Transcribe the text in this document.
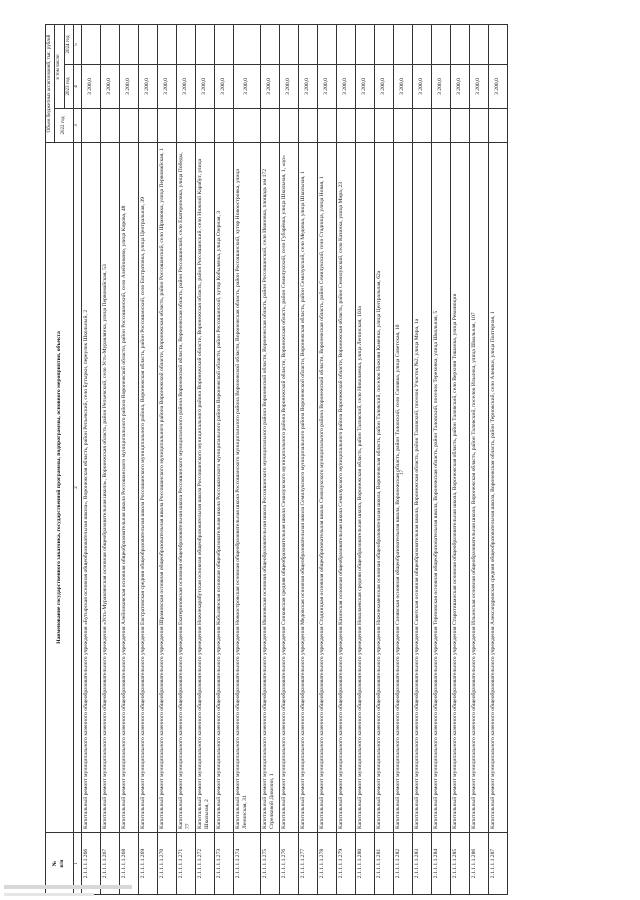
17
№
п/п	Наименование государственного заказчика, государственной программы, подпрограммы, основного мероприятия, объекта	Объем бюджетных ассигнований, тыс. рублей		
		2022 год	в том числе:	
			2023 год	2024 год
1	2	3	4	5
2.1.1.1.1.266	Капитальный ремонт муниципального казенного общеобразовательного учреждения «Бутырская основная общеобразовательная школа», Воронежская область, район Репьевский, село Бутырки, переулок Школьный, 2		3 200,0	
2.1.1.1.1.267	Капитальный ремонт муниципального казенного общеобразовательного учреждения «Усть-Муравлянская основная общеобразовательная школа», Воронежская область, район Репьевский, село Усть-Муравлянка, улица Первомайская, 53		3 200,0	
2.1.1.1.1.268	Капитальный ремонт муниципального казенного общеобразовательного учреждения Алейниковская основная общеобразовательная школа Россошанского муниципального района Воронежской области, район Россошанский, село Алейниково, улица Кирова, 48		3 200,0	
2.1.1.1.1.269	Капитальный ремонт муниципального казенного общеобразовательного учреждения Евстратовская средняя общеобразовательная школа Россошанского муниципального района, Воронежская область, район Россошанский, село Евстратовка, улица Центральная, 39		3 200,0	
2.1.1.1.1.270	Капитальный ремонт муниципального казенного общеобразовательного учреждения Шрамовская основная общеобразовательная школа Россошанского муниципального района Воронежской области, Воронежская область, район Россошанский, село Шрамовка, улица Первомайская, 1		3 200,0	
2.1.1.1.1.271	Капитальный ремонт муниципального казенного общеобразовательного учреждения Екатериновская основная общеобразовательная школа Россошанского муниципального района Воронежской области, Воронежская область, район Россошанский, село Екатериновка, улица Победы, 77		3 200,0	
2.1.1.1.1.272	Капитальный ремонт муниципального казенного общеобразовательного учреждения Нижнекарабутская основная общеобразовательная школа Россошанского муниципального района Воронежской области, Воронежская область, район Россошанский, село Нижний Карабут, улица Школьная, 2		3 200,0	
2.1.1.1.1.273	Капитальный ремонт муниципального казенного общеобразовательного учреждения Кобылянская основная общеобразовательная школа Россошанского муниципального района Воронежской области, район Россошанский, хутор Кобылянка, улица Озерная, 3		3 200,0	
2.1.1.1.1.274	Капитальный ремонт муниципального казенного общеобразовательного учреждения Новоостровская основная общеобразовательная школа Россошанского муниципального района Воронежской области, Воронежская область, район Россошанский, хутор Новоостровка, улица Ленинская, 31		3 200,0	
2.1.1.1.1.275	Капитальный ремонт муниципального казенного общеобразовательного учреждения Ивановская основная общеобразовательная школа Россошанского муниципального района Воронежской области, Воронежская область, район Россошанский, село Ивановка, площадь им 172 Стрелковой Дивизии, 1		3 200,0	
2.1.1.1.1.276	Капитальный ремонт муниципального казенного общеобразовательного учреждения Сонковская средняя общеобразовательная школа Семилукского муниципального района Воронежской области, Воронежская область, район Семилукский, село Губарёвка, улица Школьная, 1, «цо»		3 200,0	
2.1.1.1.1.277	Капитальный ремонт муниципального казенного общеобразовательного учреждения Медовская основная общеобразовательная школа Семилукского муниципального района Воронежской области, Воронежская область, район Семилукский, село Медовка, улица Школьная, 1		3 200,0	
2.1.1.1.1.278	Капитальный ремонт муниципального казенного общеобразовательного учреждения Стадницкая основная общеобразовательная школа Семилукского муниципального района Воронежской области, Воронежская область, район Семилукский, село Стадница, улица Новая, 1		3 200,0	
2.1.1.1.1.279	Капитальный ремонт муниципального казенного общеобразовательного учреждения Казинская основная общеобразовательная школа Семилукского муниципального района Воронежской области, Воронежская область, район Семилукский, село Казинка, улица Мира, 23		3 200,0	
2.1.1.1.1.280	Капитальный ремонт муниципального казенного общеобразовательного учреждения Николаевская средняя общеобразовательная школа, Воронежская область, район Таловский, село Николаевка, улица Ленинская, 103а		3 200,0	
2.1.1.1.1.281	Капитальный ремонт муниципального казенного общеобразовательного учреждения Нижнекаменская основная общеобразовательная школа, Воронежская область, район Таловский, поселок Нижняя Каменка, улица Центральная, 62а		3 200,0	
2.1.1.1.1.282	Капитальный ремонт муниципального казенного общеобразовательного учреждения Синявская основная общеобразовательная школа, Воронежская область, район Таловский, село Синявка, улица Советская, 10		3 200,0	
2.1.1.1.1.283	Капитальный ремонт муниципального казенного общеобразовательного учреждения Советская основная общеобразовательная школа, Воронежская область, район Таловский, поселок Участок №2, улица Мира, 1а		3 200,0	
2.1.1.1.1.284	Капитальный ремонт муниципального казенного общеобразовательного учреждения Тереховская основная общеобразовательная школа, Воронежская область, район Таловский, поселок Тереховка, улица Школьная, 5		3 200,0	
2.1.1.1.1.285	Капитальный ремонт муниципального казенного общеобразовательного учреждения Старотишанская основная общеобразовательная школа, Воронежская область, район Таловский, село Верхняя Тишанка, улица Революции		3 200,0	
2.1.1.1.1.286	Капитальный ремонт муниципального казенного общеобразовательного учреждения Ильинская основная общеобразовательная школа, Воронежская область, район Таловский, поселок Ильинка, улица Школьная, 107		3 200,0	
2.1.1.1.1.287	Капитальный ремонт муниципального казенного общеобразовательного учреждения Александровская средняя общеобразовательная школа, Воронежская область, район Терновский, село Алешки, улица Полтерная, 1		3 200,0	
